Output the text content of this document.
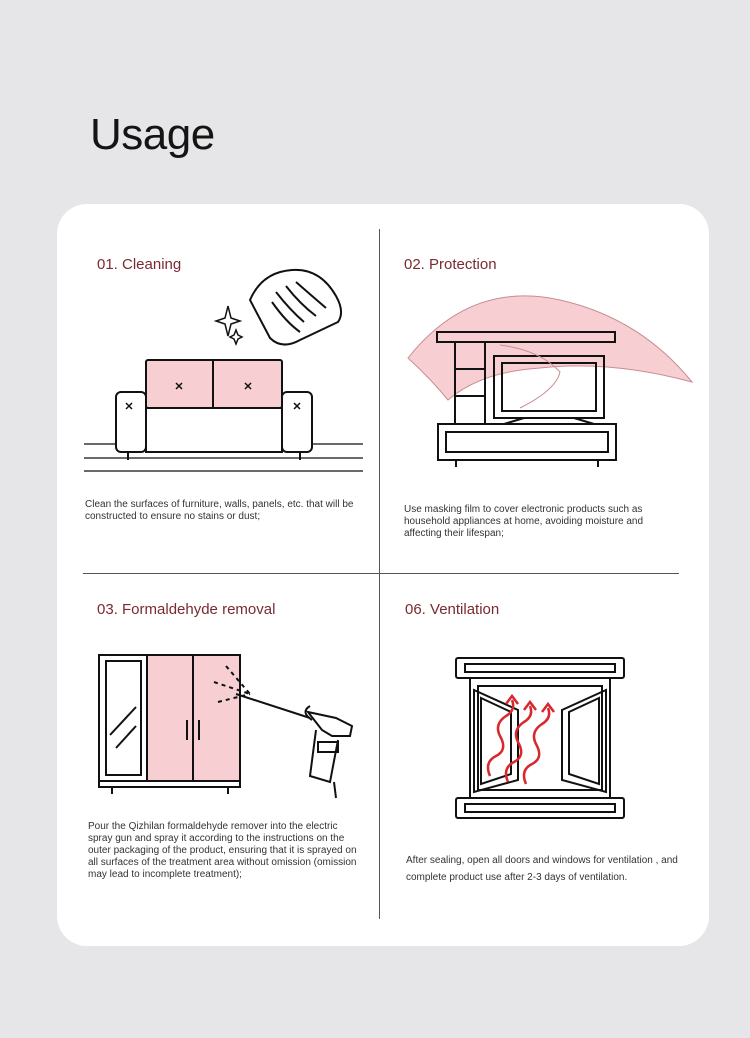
Usage
01. Cleaning
Clean the surfaces of furniture, walls, panels, etc. that will be constructed to ensure no stains or dust;
02. Protection
Use masking film to cover electronic products such as household appliances at home, avoiding moisture and affecting their lifespan;
03. Formaldehyde removal
Pour the Qizhilan formaldehyde remover into the electric spray gun and spray it according to the instructions on the outer packaging of the product, ensuring that it is sprayed on all surfaces of the treatment area without omission (omission may lead to incomplete treatment);
06. Ventilation
After sealing, open all doors and windows for ventilation , and complete product use after 2-3 days of ventilation.
